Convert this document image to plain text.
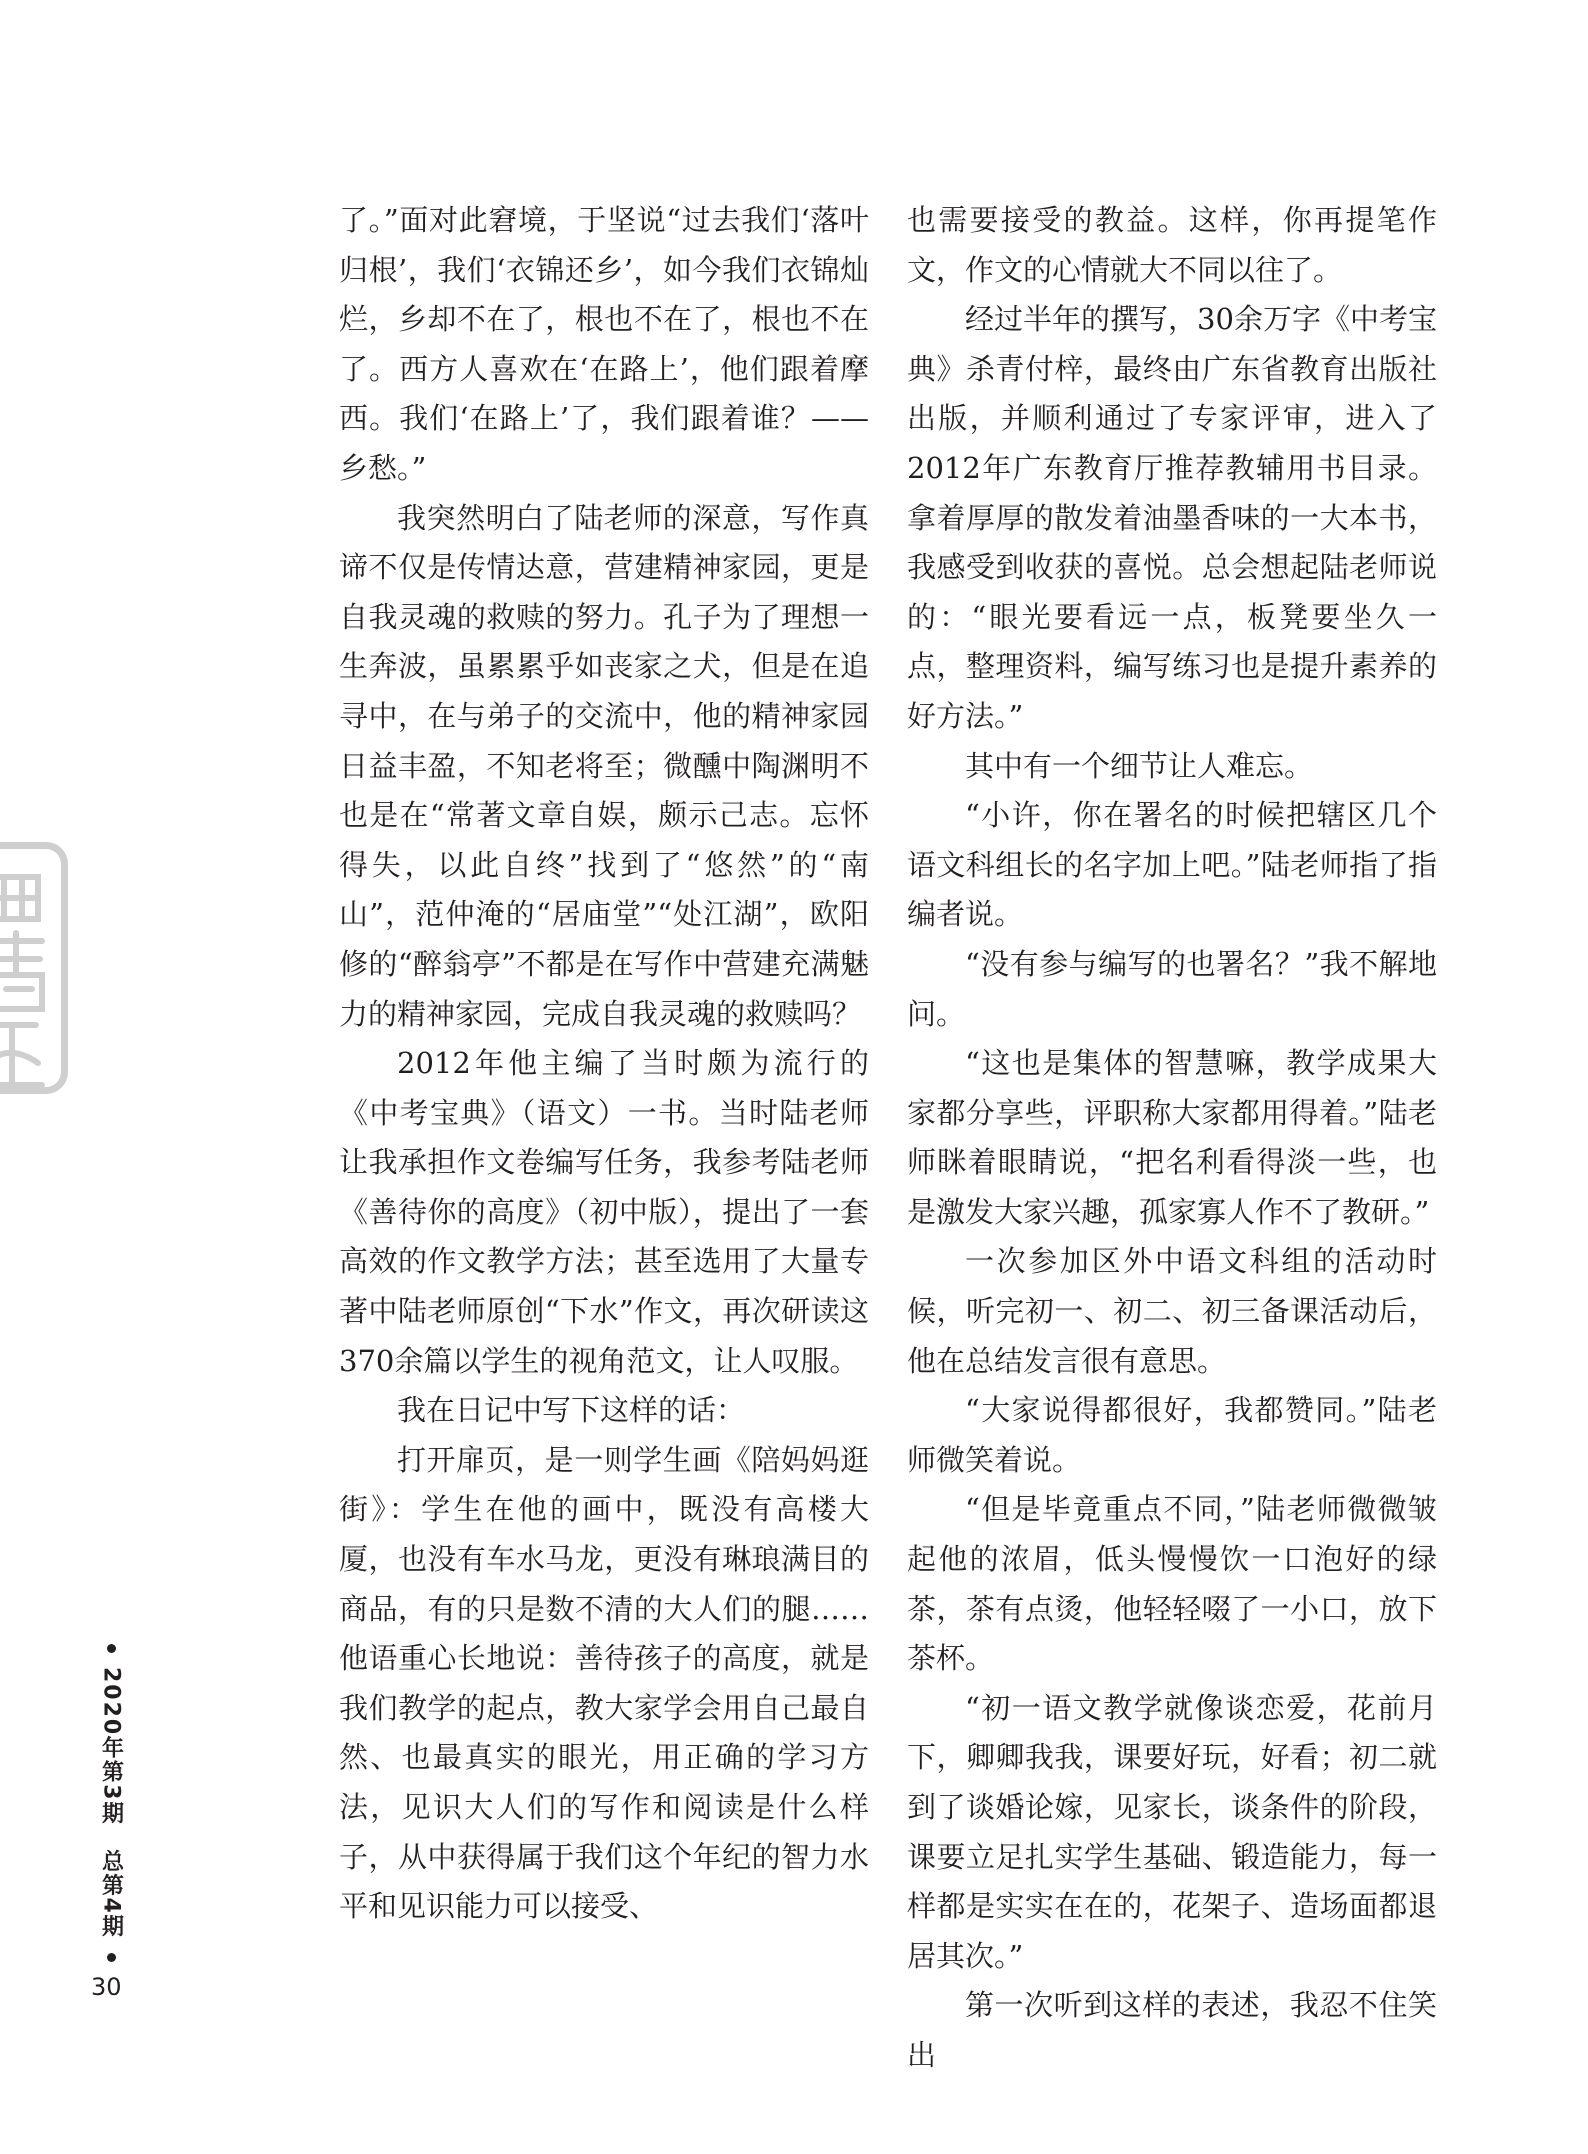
了。”面对此窘境，于坚说“过去我们‘落叶归根’，我们‘衣锦还乡’，如今我们衣锦灿烂，乡却不在了，根也不在了，根也不在了。西方人喜欢在‘在路上’，他们跟着摩西。我们‘在路上’了，我们跟着谁？——乡愁。”

我突然明白了陆老师的深意，写作真谛不仅是传情达意，营建精神家园，更是自我灵魂的救赎的努力。孔子为了理想一生奔波，虽累累乎如丧家之犬，但是在追寻中，在与弟子的交流中，他的精神家园日益丰盈，不知老将至；微醺中陶渊明不也是在“常著文章自娱，颇示己志。忘怀得失，以此自终”找到了“悠然”的“南山”，范仲淹的“居庙堂”“处江湖”，欧阳修的“醉翁亭”不都是在写作中营建充满魅力的精神家园，完成自我灵魂的救赎吗？

2012年他主编了当时颇为流行的《中考宝典》（语文）一书。当时陆老师让我承担作文卷编写任务，我参考陆老师《善待你的高度》（初中版），提出了一套高效的作文教学方法；甚至选用了大量专著中陆老师原创“下水”作文，再次研读这370余篇以学生的视角范文，让人叹服。

我在日记中写下这样的话：

打开扉页，是一则学生画《陪妈妈逛街》：学生在他的画中，既没有高楼大厦，也没有车水马龙，更没有琳琅满目的商品，有的只是数不清的大人们的腿……他语重心长地说：善待孩子的高度，就是我们教学的起点，教大家学会用自己最自然、也最真实的眼光，用正确的学习方法，见识大人们的写作和阅读是什么样子，从中获得属于我们这个年纪的智力水平和见识能力可以接受、

也需要接受的教益。这样，你再提笔作文，作文的心情就大不同以往了。

经过半年的撰写，30余万字《中考宝典》杀青付梓，最终由广东省教育出版社出版，并顺利通过了专家评审，进入了2012年广东教育厅推荐教辅用书目录。拿着厚厚的散发着油墨香味的一大本书，我感受到收获的喜悦。总会想起陆老师说的：“眼光要看远一点，板凳要坐久一点，整理资料，编写练习也是提升素养的好方法。”

其中有一个细节让人难忘。

“小许，你在署名的时候把辖区几个语文科组长的名字加上吧。”陆老师指了指编者说。

“没有参与编写的也署名？”我不解地问。

“这也是集体的智慧嘛，教学成果大家都分享些，评职称大家都用得着。”陆老师眯着眼睛说，“把名利看得淡一些，也是激发大家兴趣，孤家寡人作不了教研。”

一次参加区外中语文科组的活动时候，听完初一、初二、初三备课活动后，他在总结发言很有意思。

“大家说得都很好，我都赞同。”陆老师微笑着说。

“但是毕竟重点不同，”陆老师微微皱起他的浓眉，低头慢慢饮一口泡好的绿茶，茶有点烫，他轻轻啜了一小口，放下茶杯。

“初一语文教学就像谈恋爱，花前月下，卿卿我我，课要好玩，好看；初二就到了谈婚论嫁，见家长，谈条件的阶段，课要立足扎实学生基础、锻造能力，每一样都是实实在在的，花架子、造场面都退居其次。”

第一次听到这样的表述，我忍不住笑出

2020年第3期　总第4期
30
